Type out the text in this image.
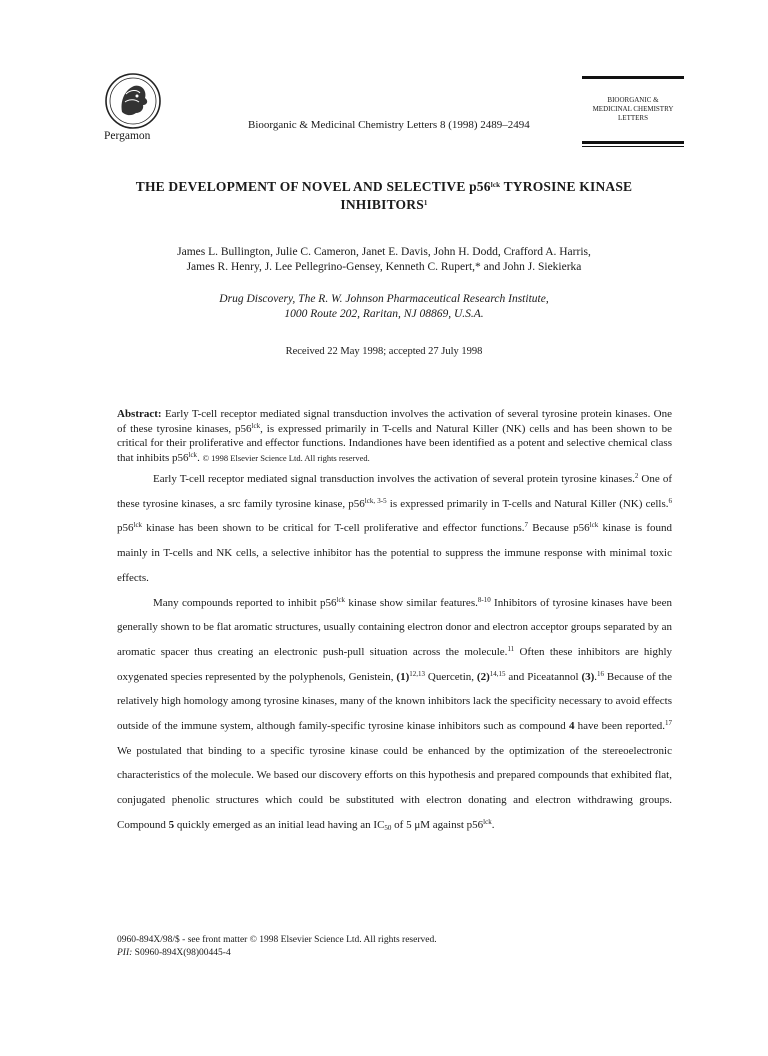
Pergamon
Bioorganic & Medicinal Chemistry Letters 8 (1998) 2489–2494
BIOORGANIC &
MEDICINAL CHEMISTRY
LETTERS
THE DEVELOPMENT OF NOVEL AND SELECTIVE $p56^{lck}$ TYROSINE KINASE
INHIBITORS$^1$
James L. Bullington, Julie C. Cameron, Janet E. Davis, John H. Dodd, Crafford A. Harris,
James R. Henry, J. Lee Pellegrino-Gensey, Kenneth C. Rupert,* and John J. Siekierka
Drug Discovery, The R. W. Johnson Pharmaceutical Research Institute,
1000 Route 202, Raritan, NJ 08869, U.S.A.
Received 22 May 1998; accepted 27 July 1998
Abstract: Early T-cell receptor mediated signal transduction involves the activation of several tyrosine protein kinases. One of these tyrosine kinases, $p56^{lck}$, is expressed primarily in T-cells and Natural Killer (NK) cells and has been shown to be critical for their proliferative and effector functions. Indandiones have been identified as a potent and selective chemical class that inhibits $p56^{lck}$. © 1998 Elsevier Science Ltd. All rights reserved.

Early T-cell receptor mediated signal transduction involves the activation of several protein tyrosine kinases.$^2$ One of these tyrosine kinases, a src family tyrosine kinase, $p56^{lck, 3-5}$ is expressed primarily in T-cells and Natural Killer (NK) cells.$^6$ $p56^{lck}$ kinase has been shown to be critical for T-cell proliferative and effector functions.$^7$ Because $p56^{lck}$ kinase is found mainly in T-cells and NK cells, a selective inhibitor has the potential to suppress the immune response with minimal toxic effects.

Many compounds reported to inhibit $p56^{lck}$ kinase show similar features.$^{8-10}$ Inhibitors of tyrosine kinases have been generally shown to be flat aromatic structures, usually containing electron donor and electron acceptor groups separated by an aromatic spacer thus creating an electronic push-pull situation across the molecule.$^{11}$ Often these inhibitors are highly oxygenated species represented by the polyphenols, Genistein, $(1)^{12,13}$ Quercetin, $(2)^{14,15}$ and Piceatannol (3).$^{16}$ Because of the relatively high homology among tyrosine kinases, many of the known inhibitors lack the specificity necessary to avoid effects outside of the immune system, although family-specific tyrosine kinase inhibitors such as compound 4 have been reported.$^{17}$ We postulated that binding to a specific tyrosine kinase could be enhanced by the optimization of the stereoelectronic characteristics of the molecule. We based our discovery efforts on this hypothesis and prepared compounds that exhibited flat, conjugated phenolic structures which could be substituted with electron donating and electron withdrawing groups. Compound 5 quickly emerged as an initial lead having an $IC_{50}$ of 5 μM against $p56^{lck}$.

0960-894X/98/$ - see front matter © 1998 Elsevier Science Ltd. All rights reserved.
PII: S0960-894X(98)00445-4
